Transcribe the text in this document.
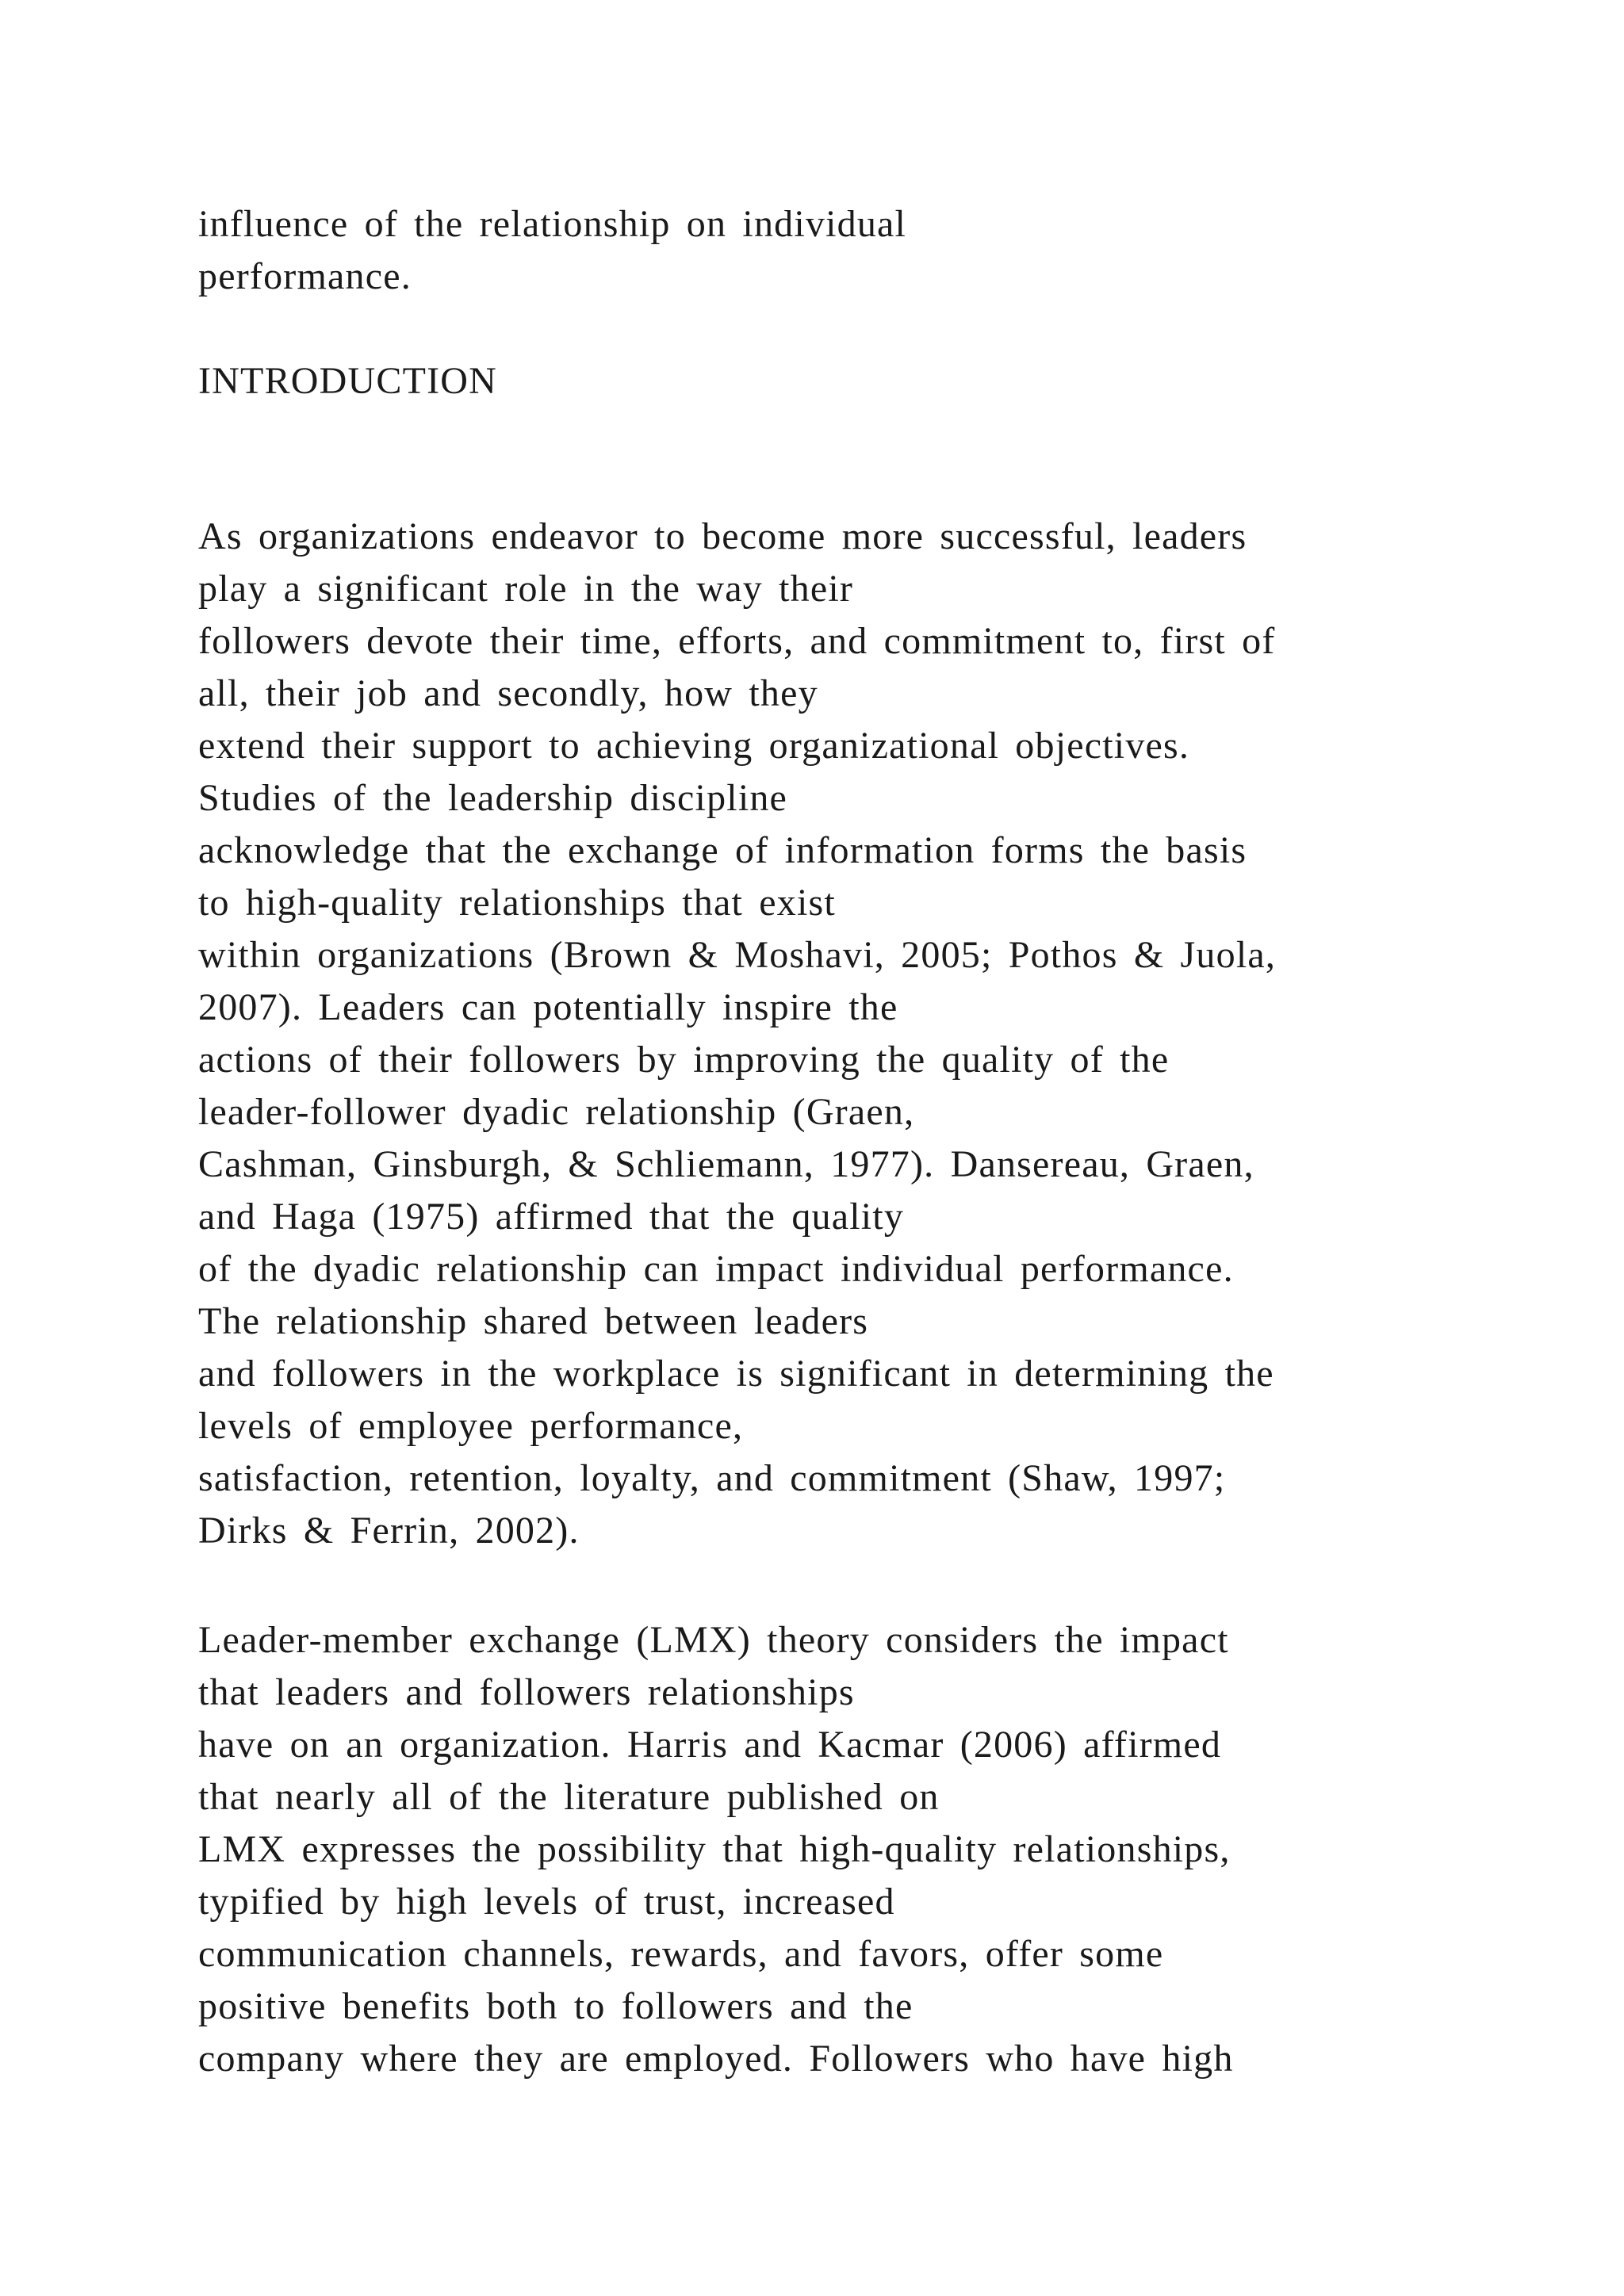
influence of the relationship on individual
performance.
INTRODUCTION
As organizations endeavor to become more successful, leaders
play a significant role in the way their
followers devote their time, efforts, and commitment to, first of
all, their job and secondly, how they
extend their support to achieving organizational objectives.
Studies of the leadership discipline
acknowledge that the exchange of information forms the basis
to high-quality relationships that exist
within organizations (Brown & Moshavi, 2005; Pothos & Juola,
2007). Leaders can potentially inspire the
actions of their followers by improving the quality of the
leader-follower dyadic relationship (Graen,
Cashman, Ginsburgh, & Schliemann, 1977). Dansereau, Graen,
and Haga (1975) affirmed that the quality
of the dyadic relationship can impact individual performance.
The relationship shared between leaders
and followers in the workplace is significant in determining the
levels of employee performance,
satisfaction, retention, loyalty, and commitment (Shaw, 1997;
Dirks & Ferrin, 2002).
Leader-member exchange (LMX) theory considers the impact
that leaders and followers relationships
have on an organization. Harris and Kacmar (2006) affirmed
that nearly all of the literature published on
LMX expresses the possibility that high-quality relationships,
typified by high levels of trust, increased
communication channels, rewards, and favors, offer some
positive benefits both to followers and the
company where they are employed. Followers who have high
